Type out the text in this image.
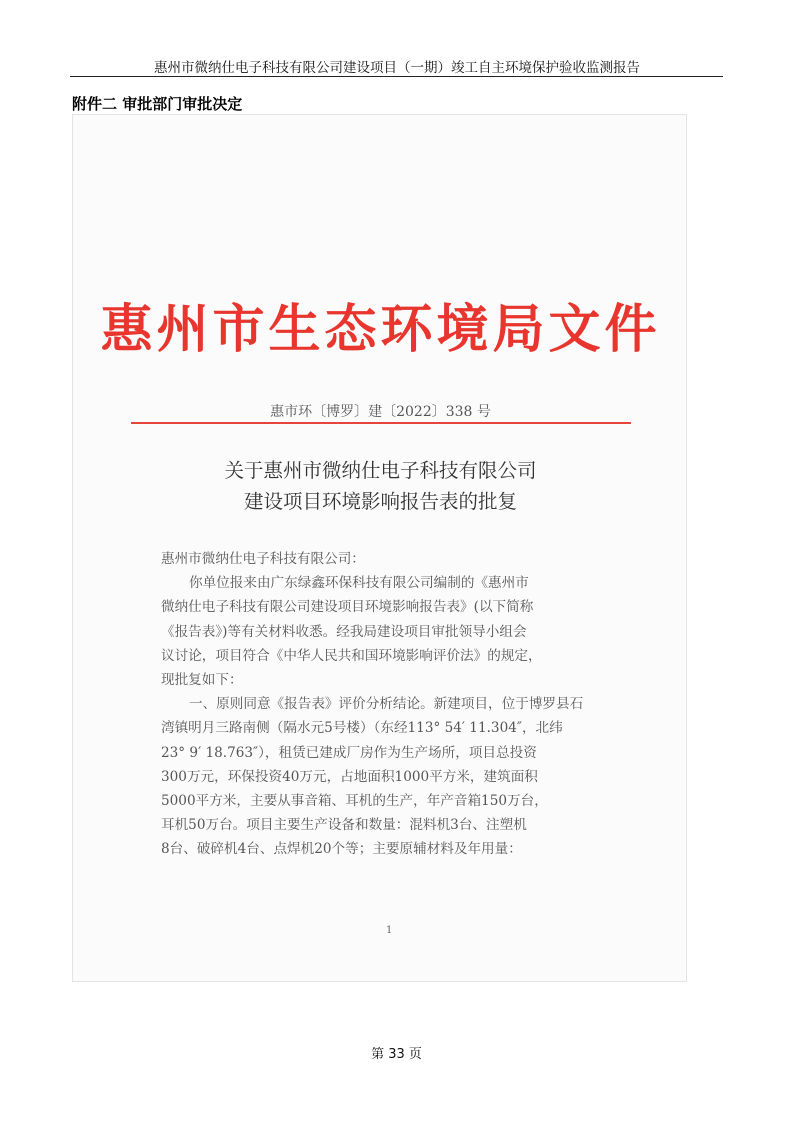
惠州市微纳仕电子科技有限公司建设项目（一期）竣工自主环境保护验收监测报告
附件二 审批部门审批决定
惠州市生态环境局文件
惠市环〔博罗〕建〔2022〕338 号
关于惠州市微纳仕电子科技有限公司
建设项目环境影响报告表的批复
惠州市微纳仕电子科技有限公司：
你单位报来由广东绿鑫环保科技有限公司编制的《惠州市
微纳仕电子科技有限公司建设项目环境影响报告表》(以下简称
《报告表》)等有关材料收悉。经我局建设项目审批领导小组会
议讨论，项目符合《中华人民共和国环境影响评价法》的规定，
现批复如下：
一、原则同意《报告表》评价分析结论。新建项目，位于博罗县石
湾镇明月三路南侧（隔水元5号楼）（东经113° 54′ 11.304″，北纬
23° 9′ 18.763″），租赁已建成厂房作为生产场所，项目总投资
300万元，环保投资40万元，占地面积1000平方米，建筑面积
5000平方米，主要从事音箱、耳机的生产，年产音箱150万台，
耳机50万台。项目主要生产设备和数量：混料机3台、注塑机
8台、破碎机4台、点焊机20个等；主要原辅材料及年用量：
1
第 33 页
